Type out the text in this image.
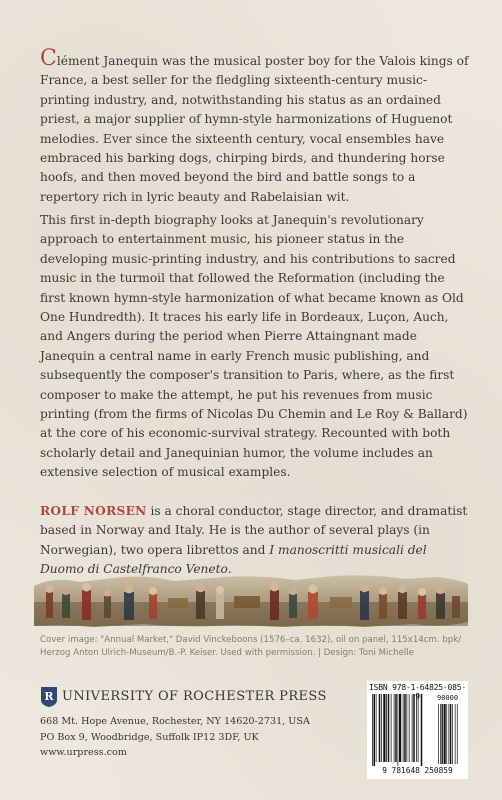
Clément Janequin was the musical poster boy for the Valois kings of France, a best seller for the fledgling sixteenth-century music-printing industry, and, notwithstanding his status as an ordained priest, a major supplier of hymn-style harmonizations of Huguenot melodies. Ever since the sixteenth century, vocal ensembles have embraced his barking dogs, chirping birds, and thundering horse hoofs, and then moved beyond the bird and battle songs to a repertory rich in lyric beauty and Rabelaisian wit.

This first in-depth biography looks at Janequin's revolutionary approach to entertainment music, his pioneer status in the developing music-printing industry, and his contributions to sacred music in the turmoil that followed the Reformation (including the first known hymn-style harmonization of what became known as Old One Hundredth). It traces his early life in Bordeaux, Luçon, Auch, and Angers during the period when Pierre Attaingnant made Janequin a central name in early French music publishing, and subsequently the composer's transition to Paris, where, as the first composer to make the attempt, he put his revenues from music printing (from the firms of Nicolas Du Chemin and Le Roy & Ballard) at the core of his economic-survival strategy. Recounted with both scholarly detail and Janequinian humor, the volume includes an extensive selection of musical examples.

ROLF NORSEN is a choral conductor, stage director, and dramatist based in Norway and Italy. He is the author of several plays (in Norwegian), two opera librettos and I manoscritti musicali del Duomo di Castelfranco Veneto.

Cover image: "Annual Market," David Vinckeboons (1576–ca. 1632), oil on panel, 115x14cm. bpk/ Herzog Anton Ulrich-Museum/B.-P. Keiser. Used with permission. | Design: Toni Michelle
R UNIVERSITY OF ROCHESTER PRESS
668 Mt. Hope Avenue, Rochester, NY 14620-2731, USA
PO Box 9, Woodbridge, Suffolk IP12 3DF, UK
www.urpress.com
ISBN 978-1-64825-085-9	90000
9 781648 250859
